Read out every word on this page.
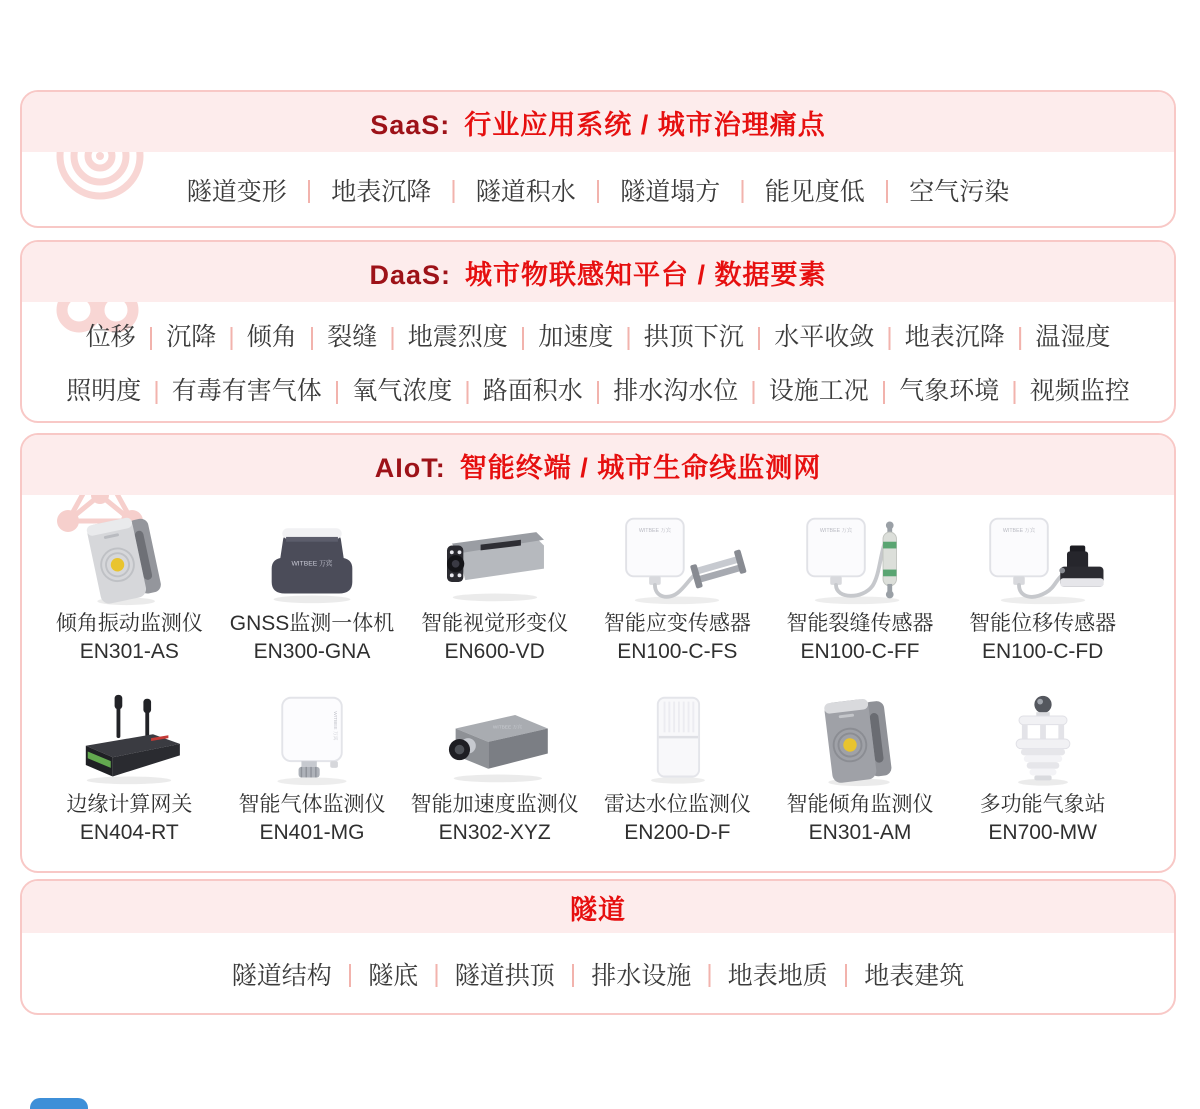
SaaS: 行业应用系统 / 城市治理痛点
隧道变形 | 地表沉降 | 隧道积水 | 隧道塌方 | 能见度低 | 空气污染
DaaS: 城市物联感知平台 / 数据要素
位移 | 沉降 | 倾角 | 裂缝 | 地震烈度 | 加速度 | 拱顶下沉 | 水平收敛 | 地表沉降 | 温湿度
照明度 | 有毒有害气体 | 氧气浓度 | 路面积水 | 排水沟水位 | 设施工况 | 气象环境 | 视频监控
AIoT: 智能终端 / 城市生命线监测网
倾角振动监测仪
EN301-AS
WITBEE 万宾
GNSS监测一体机
EN300-GNA
智能视觉形变仪
EN600-VD
WITBEE 万宾
智能应变传感器
EN100-C-FS
WITBEE 万宾
智能裂缝传感器
EN100-C-FF
WITBEE 万宾
智能位移传感器
EN100-C-FD
边缘计算网关
EN404-RT
WITBEE 万宾
智能气体监测仪
EN401-MG
WITBEE 万宾
智能加速度监测仪
EN302-XYZ
雷达水位监测仪
EN200-D-F
智能倾角监测仪
EN301-AM
多功能气象站
EN700-MW
隧道
隧道结构 | 隧底 | 隧道拱顶 | 排水设施 | 地表地质 | 地表建筑
